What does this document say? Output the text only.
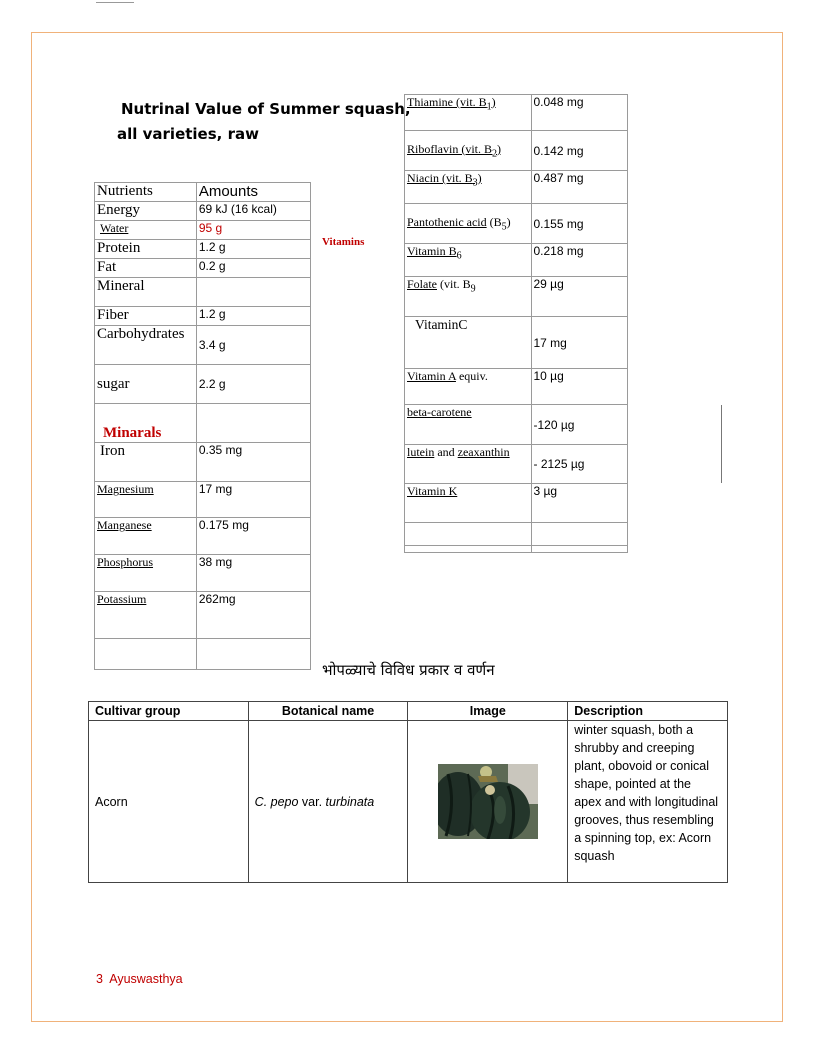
Nutrinal Value of Summer squash,
all varieties, raw
Nutrients	Amounts
Energy	69 kJ (16 kcal)
Water	95 g
Protein	1.2 g
Fat	0.2 g
Mineral	
Fiber	1.2 g
Carbohydrates	3.4 g
sugar	2.2 g
Minarals	
Iron	0.35 mg
Magnesium	17 mg
Manganese	0.175 mg
Phosphorus	38 mg
Potassium	262mg

Vitamins
Thiamine (vit. $B_1$)	0.048 mg
Riboflavin (vit. $B_2$)	0.142 mg
Niacin (vit. $B_3$)	0.487 mg
Pantothenic acid $(B_5)$	0.155 mg
Vitamin $B_6$	0.218 mg
Folate (vit. $B_9$	29 µg
VitaminC	17 mg
Vitamin A equiv.	10 µg
beta-carotene	-120 µg
lutein and zeaxanthin	- 2125 µg
Vitamin K	3 µg

भोपळ्याचे विविध प्रकार व वर्णन
Cultivar group	Botanical name	Image	Description
Acorn	C. pepo var. turbinata		winter squash, both a shrubby and creeping plant, obovoid or conical shape, pointed at the apex and with longitudinal grooves, thus resembling a spinning top, ex: Acorn squash
3 Ayuswasthya
